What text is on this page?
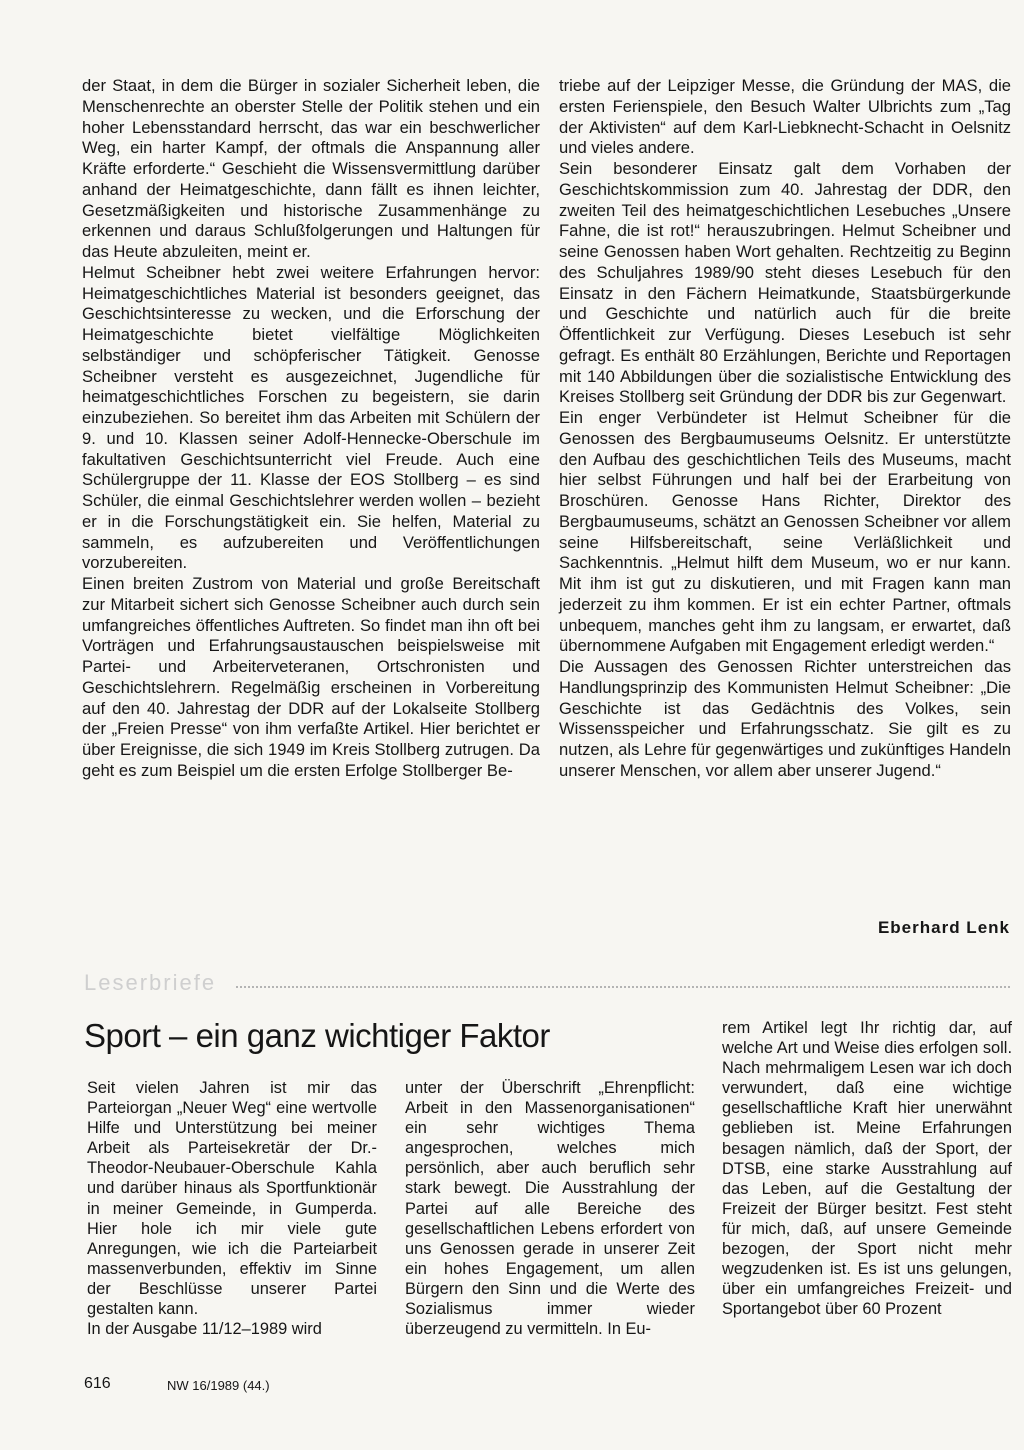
der Staat, in dem die Bürger in sozialer Sicherheit leben, die Menschenrechte an oberster Stelle der Politik stehen und ein hoher Lebensstandard herrscht, das war ein beschwerlicher Weg, ein harter Kampf, der oftmals die Anspannung aller Kräfte erforderte.“ Geschieht die Wissensvermittlung darüber anhand der Heimatgeschichte, dann fällt es ihnen leichter, Gesetzmäßigkeiten und historische Zusammenhänge zu erkennen und daraus Schlußfolgerungen und Haltungen für das Heute abzuleiten, meint er.

Helmut Scheibner hebt zwei weitere Erfahrungen hervor: Heimatgeschichtliches Material ist besonders geeignet, das Geschichtsinteresse zu wecken, und die Erforschung der Heimatgeschichte bietet vielfältige Möglichkeiten selbständiger und schöpferischer Tätigkeit. Genosse Scheibner versteht es ausgezeichnet, Jugendliche für heimatgeschichtliches Forschen zu begeistern, sie darin einzubeziehen. So bereitet ihm das Arbeiten mit Schülern der 9. und 10. Klassen seiner Adolf-Hennecke-Oberschule im fakultativen Geschichtsunterricht viel Freude. Auch eine Schülergruppe der 11. Klasse der EOS Stollberg – es sind Schüler, die einmal Geschichtslehrer werden wollen – bezieht er in die Forschungstätigkeit ein. Sie helfen, Material zu sammeln, es aufzubereiten und Veröffentlichungen vorzubereiten.

Einen breiten Zustrom von Material und große Bereitschaft zur Mitarbeit sichert sich Genosse Scheibner auch durch sein umfangreiches öffentliches Auftreten. So findet man ihn oft bei Vorträgen und Erfahrungsaustauschen beispielsweise mit Partei- und Arbeiterveteranen, Ortschronisten und Geschichtslehrern. Regelmäßig erscheinen in Vorbereitung auf den 40. Jahrestag der DDR auf der Lokalseite Stollberg der „Freien Presse“ von ihm verfaßte Artikel. Hier berichtet er über Ereignisse, die sich 1949 im Kreis Stollberg zutrugen. Da geht es zum Beispiel um die ersten Erfolge Stollberger Be-

triebe auf der Leipziger Messe, die Gründung der MAS, die ersten Ferienspiele, den Besuch Walter Ulbrichts zum „Tag der Aktivisten“ auf dem Karl-Liebknecht-Schacht in Oelsnitz und vieles andere.

Sein besonderer Einsatz galt dem Vorhaben der Geschichtskommission zum 40. Jahrestag der DDR, den zweiten Teil des heimatgeschichtlichen Lesebuches „Unsere Fahne, die ist rot!“ herauszubringen. Helmut Scheibner und seine Genossen haben Wort gehalten. Rechtzeitig zu Beginn des Schuljahres 1989/90 steht dieses Lesebuch für den Einsatz in den Fächern Heimatkunde, Staatsbürgerkunde und Geschichte und natürlich auch für die breite Öffentlichkeit zur Verfügung. Dieses Lesebuch ist sehr gefragt. Es enthält 80 Erzählungen, Berichte und Reportagen mit 140 Abbildungen über die sozialistische Entwicklung des Kreises Stollberg seit Gründung der DDR bis zur Gegenwart.

Ein enger Verbündeter ist Helmut Scheibner für die Genossen des Bergbaumuseums Oelsnitz. Er unterstützte den Aufbau des geschichtlichen Teils des Museums, macht hier selbst Führungen und half bei der Erarbeitung von Broschüren. Genosse Hans Richter, Direktor des Bergbaumuseums, schätzt an Genossen Scheibner vor allem seine Hilfsbereitschaft, seine Verläßlichkeit und Sachkenntnis. „Helmut hilft dem Museum, wo er nur kann. Mit ihm ist gut zu diskutieren, und mit Fragen kann man jederzeit zu ihm kommen. Er ist ein echter Partner, oftmals unbequem, manches geht ihm zu langsam, er erwartet, daß übernommene Aufgaben mit Engagement erledigt werden.“

Die Aussagen des Genossen Richter unterstreichen das Handlungsprinzip des Kommunisten Helmut Scheibner: „Die Geschichte ist das Gedächtnis des Volkes, sein Wissensspeicher und Erfahrungsschatz. Sie gilt es zu nutzen, als Lehre für gegenwärtiges und zukünftiges Handeln unserer Menschen, vor allem aber unserer Jugend.“

Eberhard Lenk
Leserbriefe
Sport – ein ganz wichtiger Faktor

Seit vielen Jahren ist mir das Parteiorgan „Neuer Weg“ eine wertvolle Hilfe und Unterstützung bei meiner Arbeit als Parteisekretär der Dr.-Theodor-Neubauer-Oberschule Kahla und darüber hinaus als Sportfunktionär in meiner Gemeinde, in Gumperda. Hier hole ich mir viele gute Anregungen, wie ich die Parteiarbeit massenverbunden, effektiv im Sinne der Beschlüsse unserer Partei gestalten kann.

In der Ausgabe 11/12–1989 wird

unter der Überschrift „Ehrenpflicht: Arbeit in den Massenorganisationen“ ein sehr wichtiges Thema angesprochen, welches mich persönlich, aber auch beruflich sehr stark bewegt. Die Ausstrahlung der Partei auf alle Bereiche des gesellschaftlichen Lebens erfordert von uns Genossen gerade in unserer Zeit ein hohes Engagement, um allen Bürgern den Sinn und die Werte des Sozialismus immer wieder überzeugend zu vermitteln. In Eu-

rem Artikel legt Ihr richtig dar, auf welche Art und Weise dies erfolgen soll. Nach mehrmaligem Lesen war ich doch verwundert, daß eine wichtige gesellschaftliche Kraft hier unerwähnt geblieben ist. Meine Erfahrungen besagen nämlich, daß der Sport, der DTSB, eine starke Ausstrahlung auf das Leben, auf die Gestaltung der Freizeit der Bürger besitzt. Fest steht für mich, daß, auf unsere Gemeinde bezogen, der Sport nicht mehr wegzudenken ist. Es ist uns gelungen, über ein umfangreiches Freizeit- und Sportangebot über 60 Prozent

616	NW 16/1989 (44.)
